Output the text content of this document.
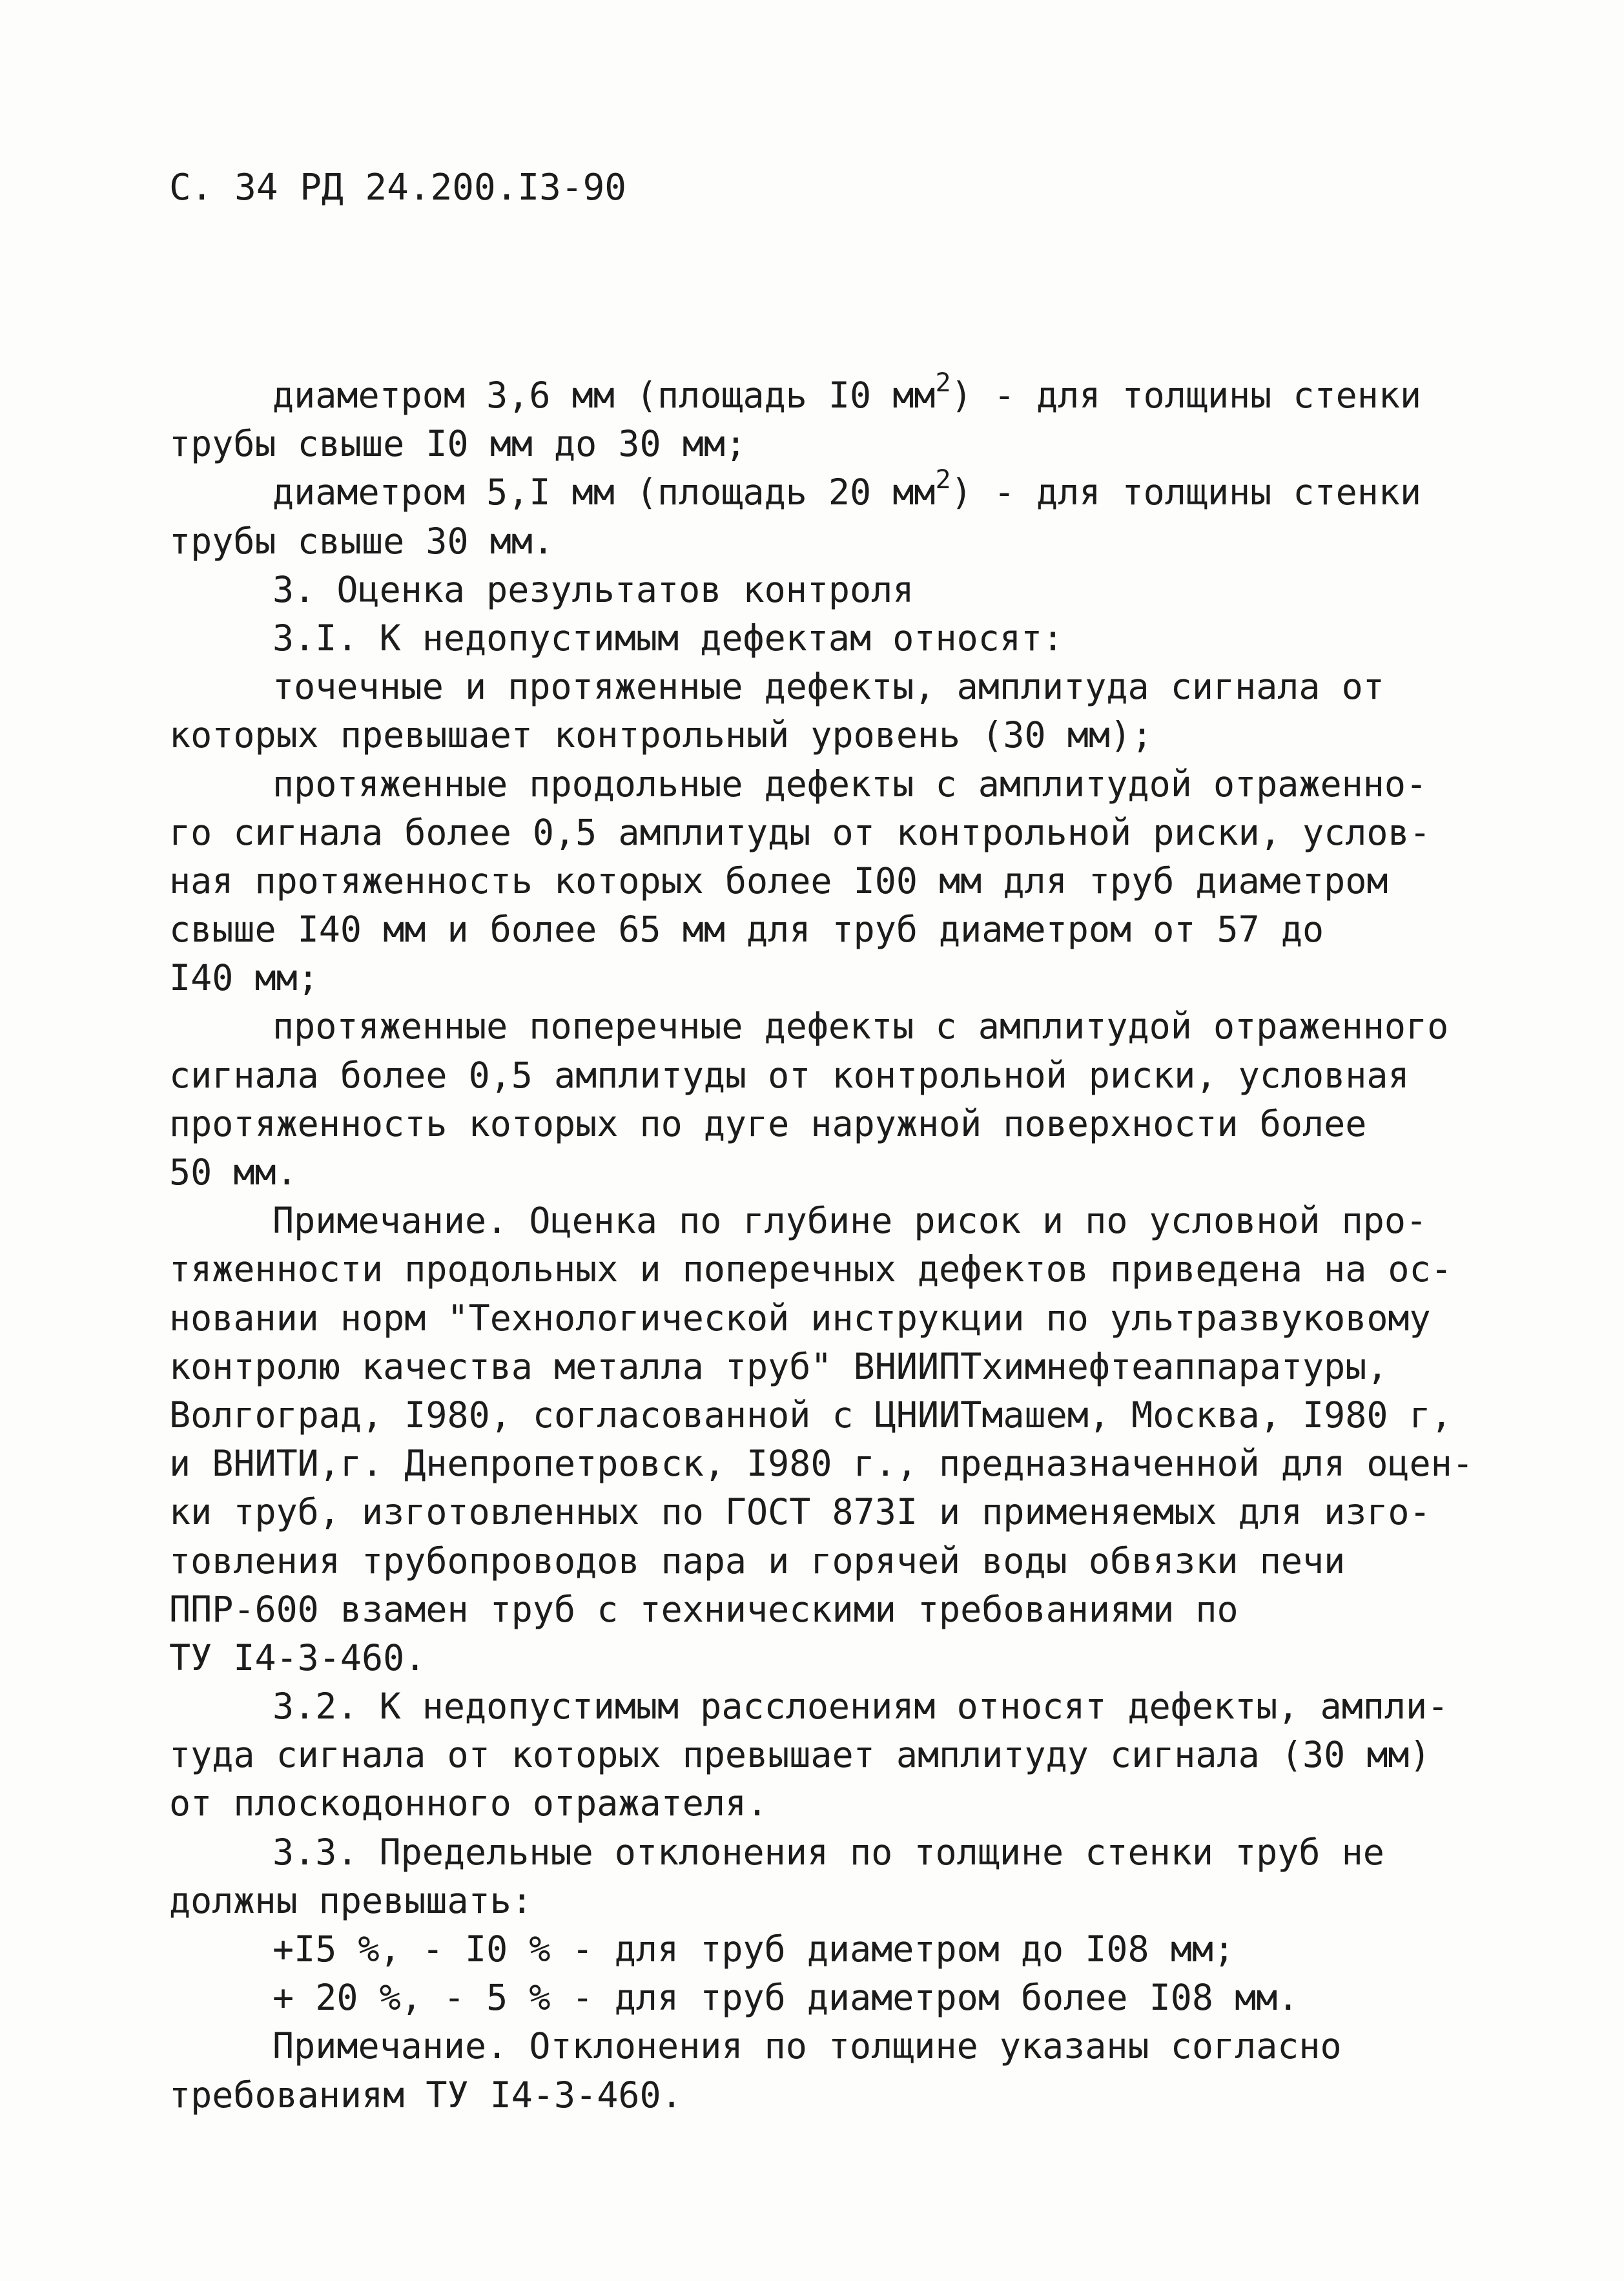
С. 34 РД 24.200.I3-90
диаметром 3,6 мм (площадь I0 $мм^2$) - для толщины стенки
трубы свыше I0 мм до 30 мм;
диаметром 5,I мм (площадь 20 $мм^2$) - для толщины стенки
трубы свыше 30 мм.
3. Оценка результатов контроля
3.I. К недопустимым дефектам относят:
точечные и протяженные дефекты, амплитуда сигнала от
которых превышает контрольный уровень (30 мм);
протяженные продольные дефекты с амплитудой отраженно-
го сигнала более 0,5 амплитуды от контрольной риски, услов-
ная протяженность которых более I00 мм для труб диаметром
свыше I40 мм и более 65 мм для труб диаметром от 57 до
I40 мм;
протяженные поперечные дефекты с амплитудой отраженного
сигнала более 0,5 амплитуды от контрольной риски, условная
протяженность которых по дуге наружной поверхности более
50 мм.
Примечание. Оценка по глубине рисок и по условной про-
тяженности продольных и поперечных дефектов приведена на ос-
новании норм "Технологической инструкции по ультразвуковому
контролю качества металла труб" ВНИИПТхимнефтеаппаратуры,
Волгоград, I980, согласованной с ЦНИИТмашем, Москва, I980 г,
и ВНИТИ,г. Днепропетровск, I980 г., предназначенной для оцен-
ки труб, изготовленных по ГОСТ 873I и применяемых для изго-
товления трубопроводов пара и горячей воды обвязки печи
ППР-600 взамен труб с техническими требованиями по
ТУ I4-3-460.
3.2. К недопустимым расслоениям относят дефекты, ампли-
туда сигнала от которых превышает амплитуду сигнала (30 мм)
от плоскодонного отражателя.
3.3. Предельные отклонения по толщине стенки труб не
должны превышать:
+I5 %, - I0 % - для труб диаметром до I08 мм;
+ 20 %, - 5 % - для труб диаметром более I08 мм.
Примечание. Отклонения по толщине указаны согласно
требованиям ТУ I4-3-460.
